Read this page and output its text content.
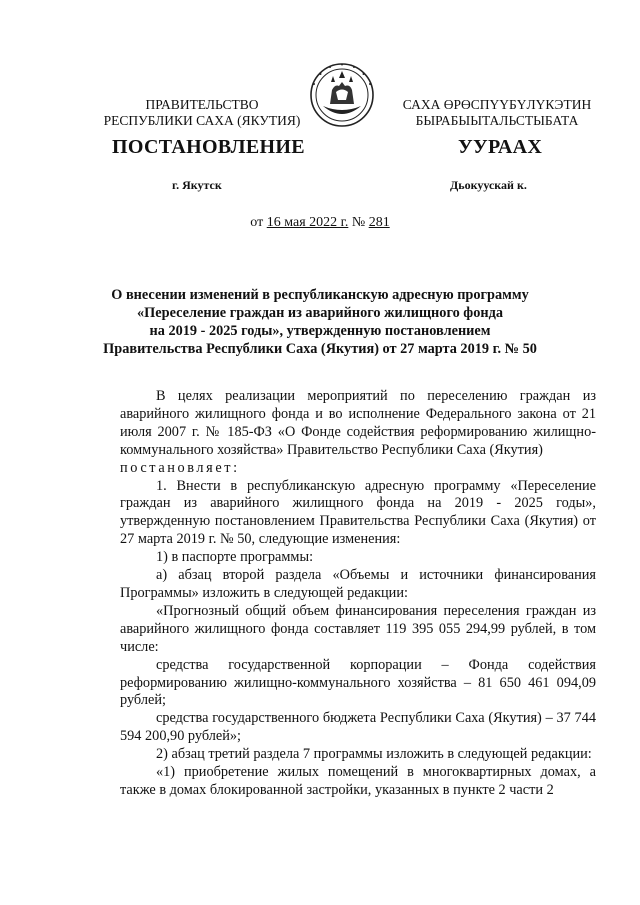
ПРАВИТЕЛЬСТВО
РЕСПУБЛИКИ САХА (ЯКУТИЯ)
САХА ӨРӨСПҮҮБҮЛҮКЭТИН
БЫРАБЫЫТАЛЬСТЫБАТА
ПОСТАНОВЛЕНИЕ	УУРААХ
г. Якутск	Дьокуускай к.
от 16 мая 2022 г. № 281
О внесении изменений в республиканскую адресную программу
«Переселение граждан из аварийного жилищного фонда
на 2019 - 2025 годы», утвержденную постановлением
Правительства Республики Саха (Якутия) от 27 марта 2019 г. № 50

В целях реализации мероприятий по переселению граждан из аварийного жилищного фонда и во исполнение Федерального закона от 21 июля 2007 г. № 185-ФЗ «О Фонде содействия реформированию жилищно-коммунального хозяйства» Правительство Республики Саха (Якутия)

постановляет:

1. Внести в республиканскую адресную программу «Переселение граждан из аварийного жилищного фонда на 2019 - 2025 годы», утвержденную постановлением Правительства Республики Саха (Якутия) от 27 марта 2019 г. № 50, следующие изменения:

1) в паспорте программы:

а) абзац второй раздела «Объемы и источники финансирования Программы» изложить в следующей редакции:

«Прогнозный общий объем финансирования переселения граждан из аварийного жилищного фонда составляет 119 395 055 294,99 рублей, в том числе:

средства государственной корпорации – Фонда содействия реформированию жилищно-коммунального хозяйства – 81 650 461 094,09 рублей;

средства государственного бюджета Республики Саха (Якутия) – 37 744 594 200,90 рублей»;

2) абзац третий раздела 7 программы изложить в следующей редакции:

«1) приобретение жилых помещений в многоквартирных домах, а также в домах блокированной застройки, указанных в пункте 2 части 2
